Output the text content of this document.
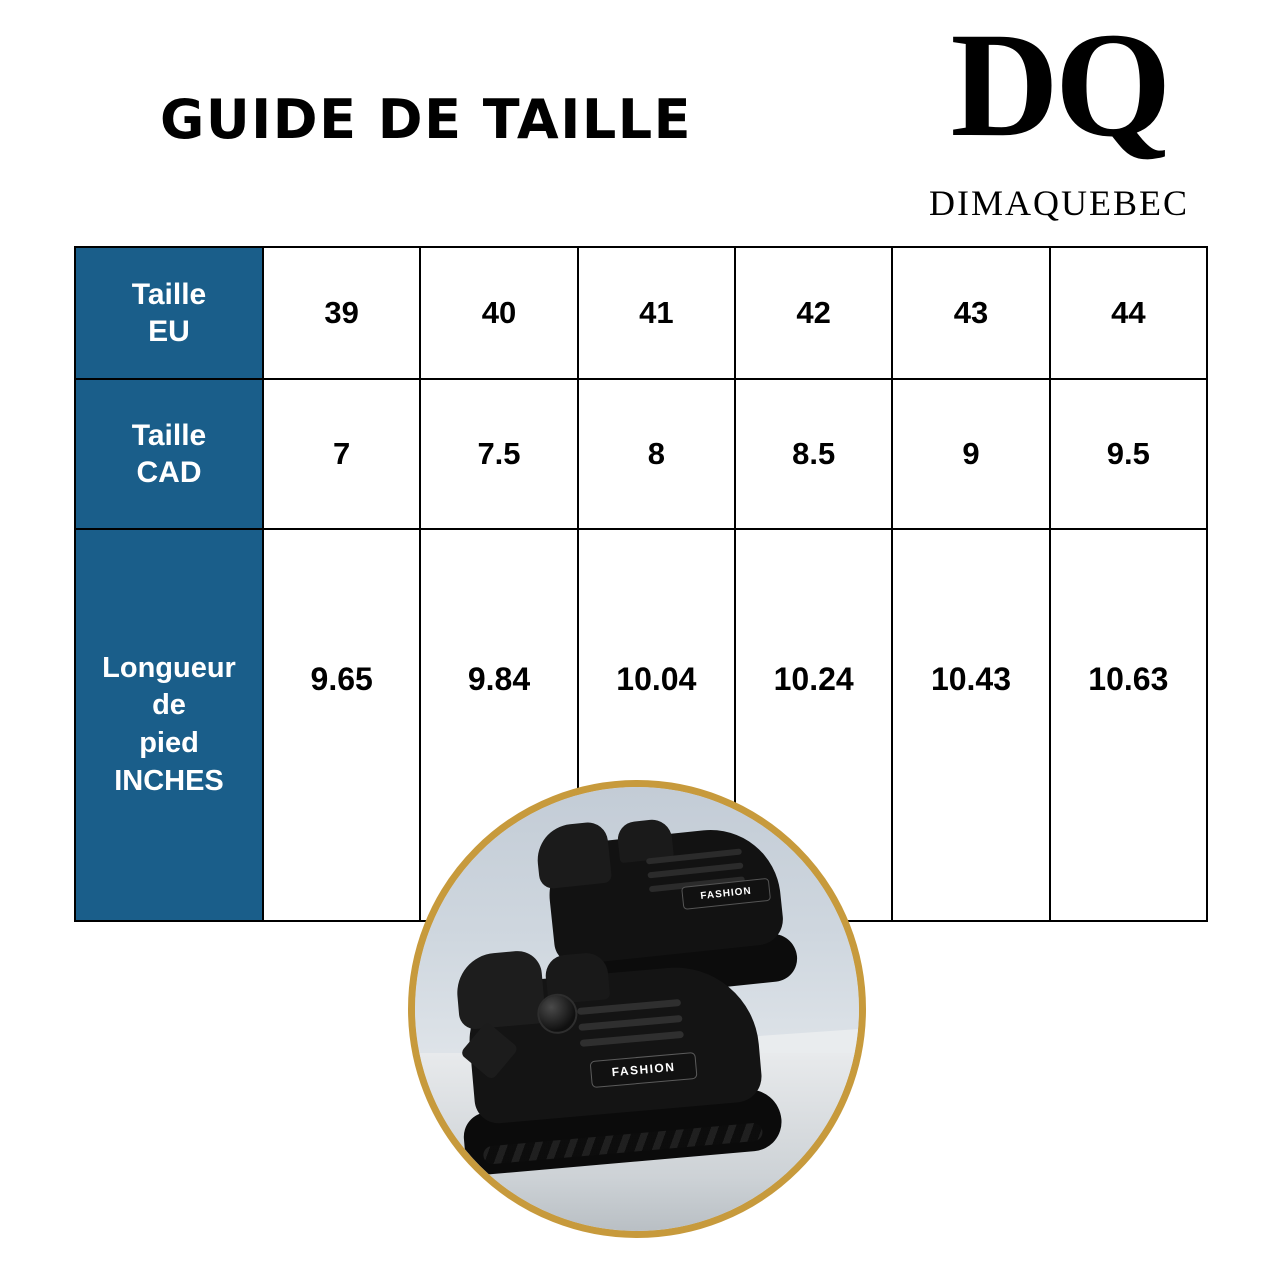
GUIDE DE TAILLE	DQ
DIMAQUEBEC
Taille
EU	39	40	41	42	43	44

Taille
CAD	7	7.5	8	8.5	9	9.5

Longueur
de
pied
INCHES	9.65	9.84	10.04	10.24	10.43	10.63
FASHION
FASHION
